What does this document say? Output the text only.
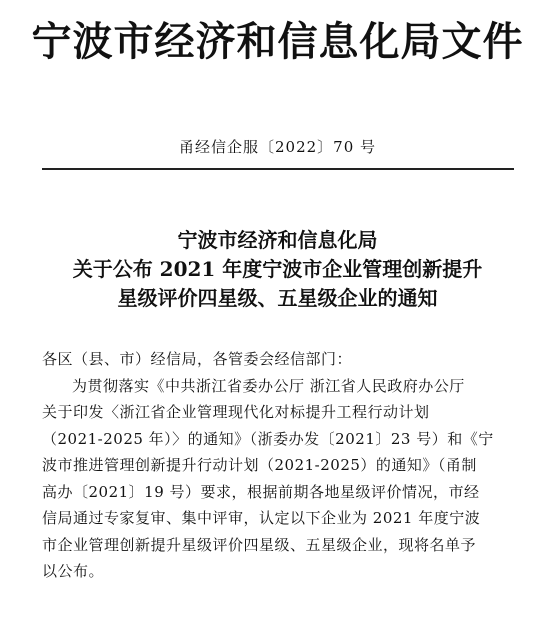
宁波市经济和信息化局文件
甬经信企服〔2022〕70 号
宁波市经济和信息化局
关于公布 2021 年度宁波市企业管理创新提升
星级评价四星级、五星级企业的通知

各区（县、市）经信局，各管委会经信部门：

为贯彻落实《中共浙江省委办公厅 浙江省人民政府办公厅

关于印发〈浙江省企业管理现代化对标提升工程行动计划

（2021-2025 年）〉的通知》（浙委办发〔2021〕23 号）和《宁

波市推进管理创新提升行动计划（2021-2025）的通知》（甬制

高办〔2021〕19 号）要求，根据前期各地星级评价情况，市经

信局通过专家复审、集中评审，认定以下企业为 2021 年度宁波

市企业管理创新提升星级评价四星级、五星级企业，现将名单予

以公布。
